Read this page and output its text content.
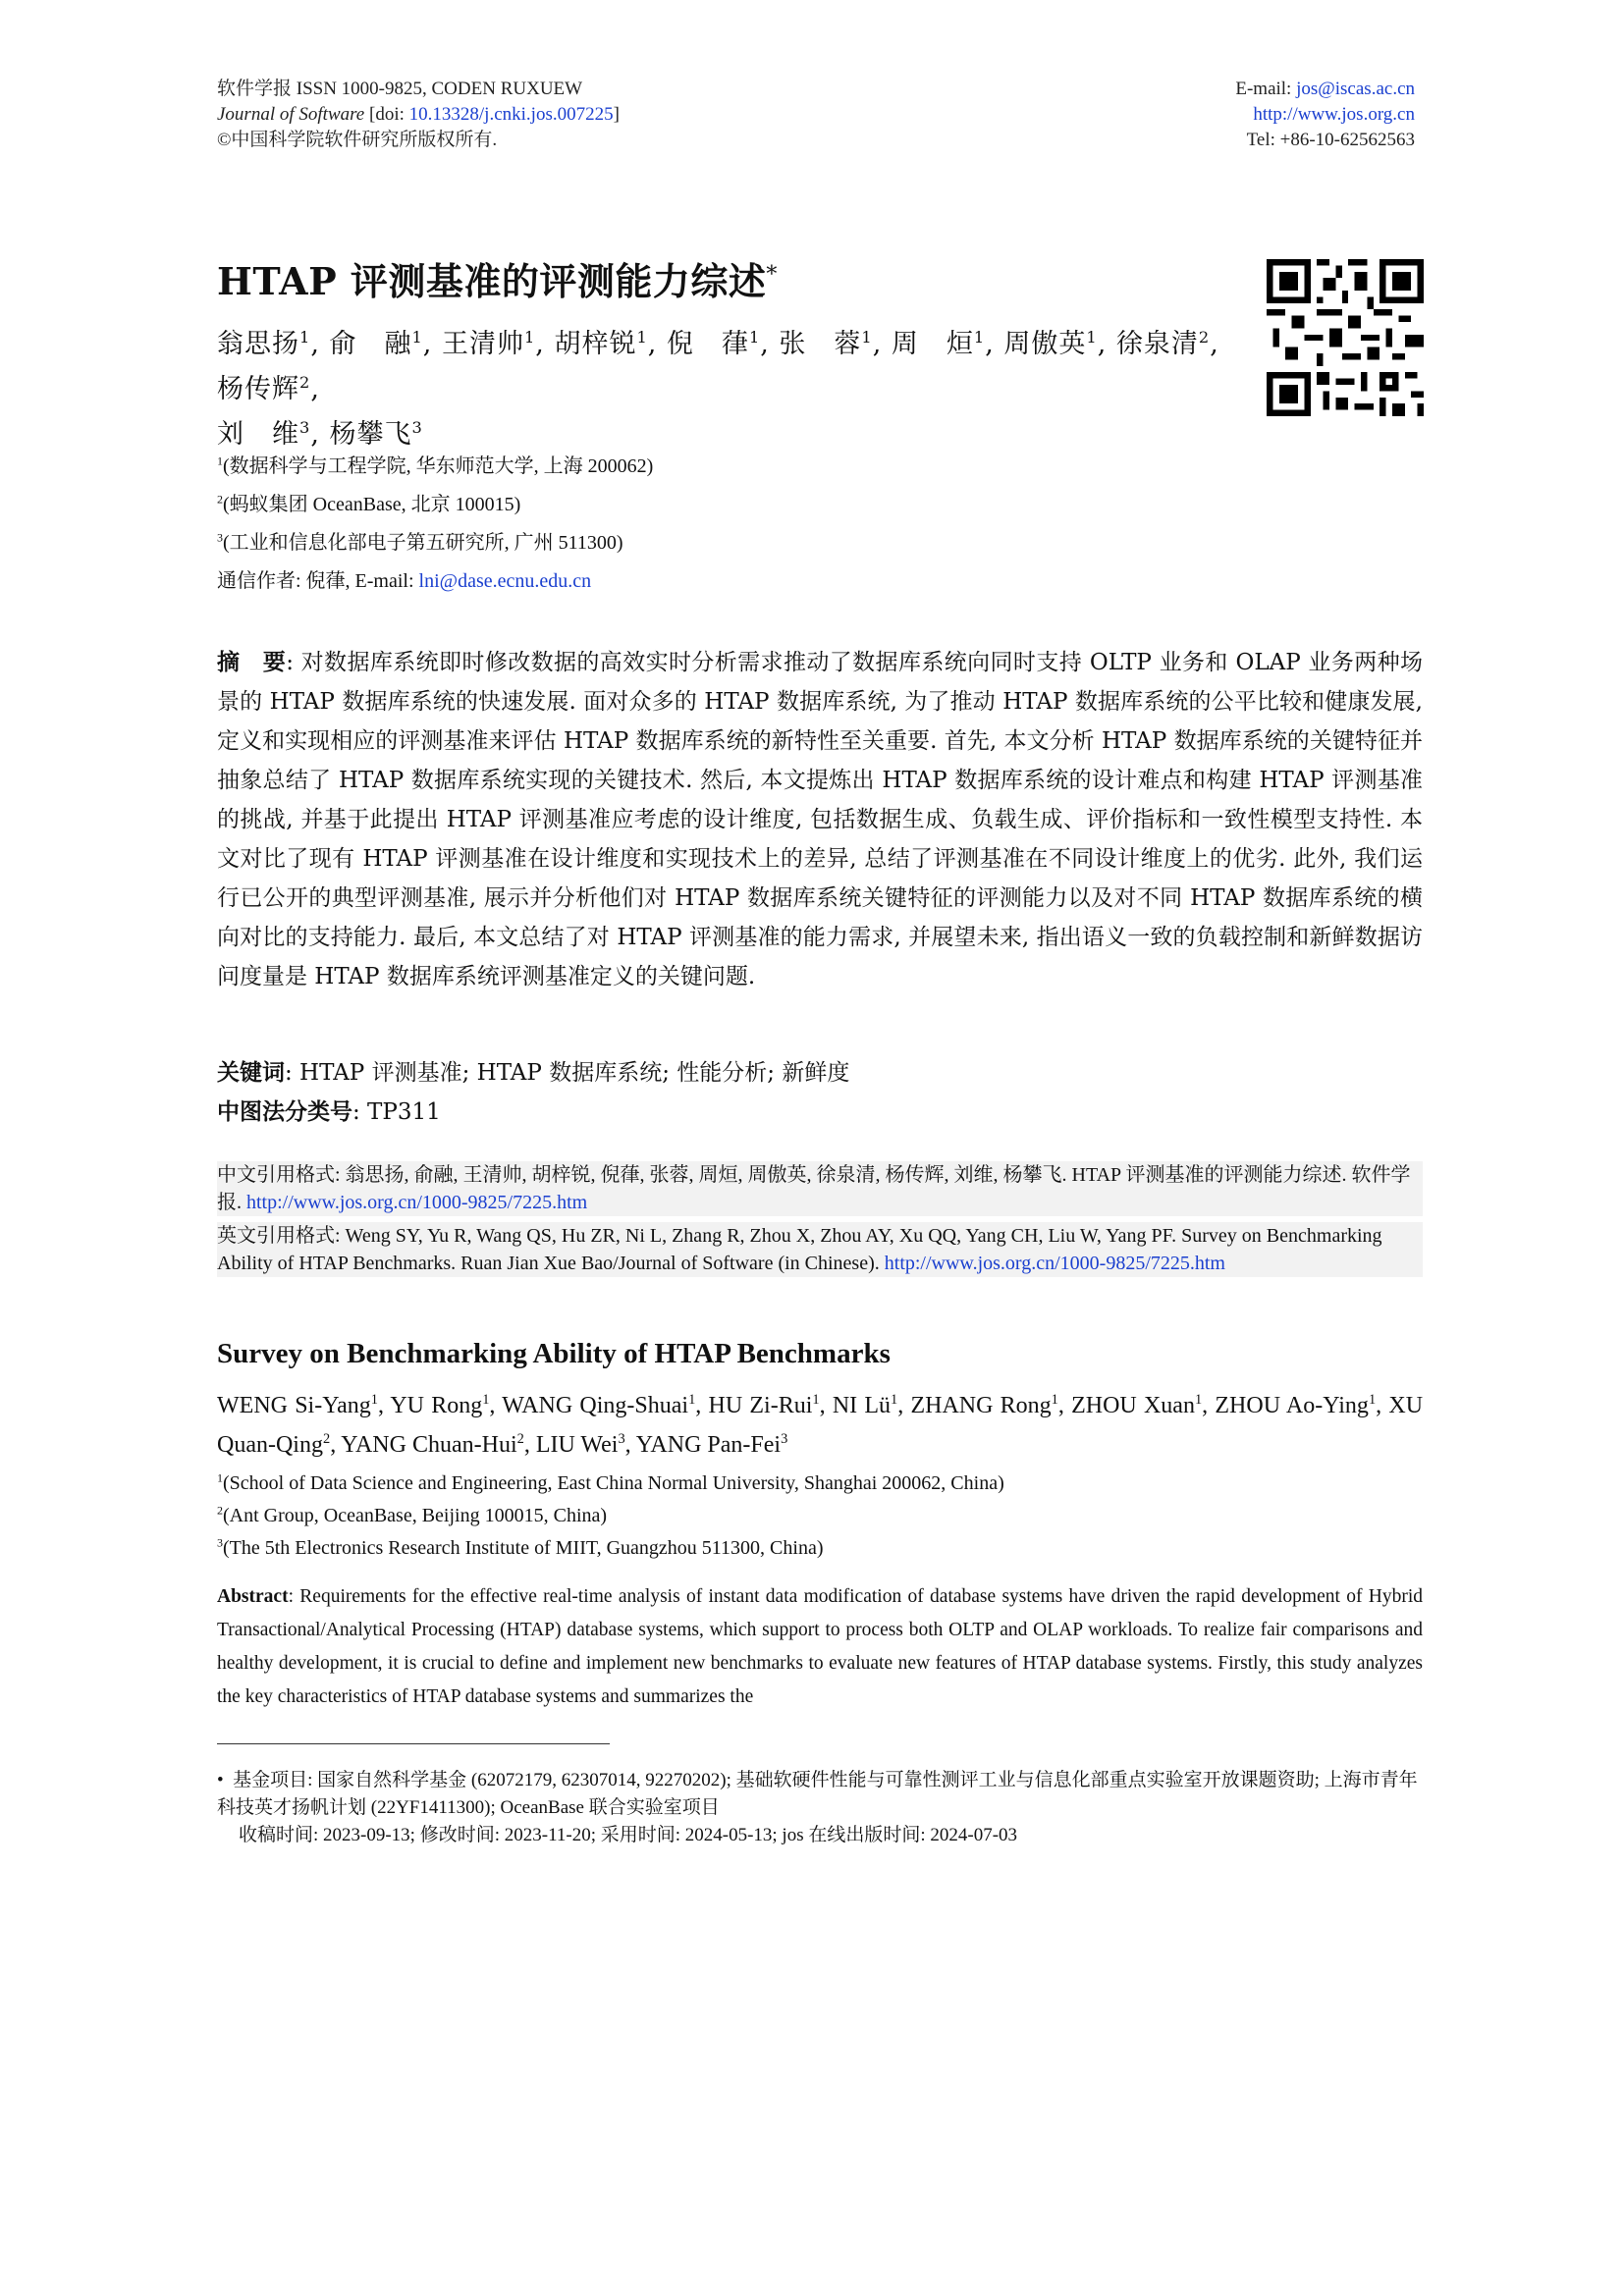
软件学报 ISSN 1000-9825, CODEN RUXUEW
Journal of Software [doi: 10.13328/j.cnki.jos.007225]
©中国科学院软件研究所版权所有.
E-mail: jos@iscas.ac.cn
http://www.jos.org.cn
Tel: +86-10-62562563
HTAP 评测基准的评测能力综述*
翁思扬$^1$, 俞　融$^1$, 王清帅$^1$, 胡梓锐$^1$, 倪　葎$^1$, 张　蓉$^1$, 周　烜$^1$, 周傲英$^1$, 徐泉清$^2$, 杨传辉$^2$,
刘　维$^3$, 杨攀飞$^3$
$^1$(数据科学与工程学院, 华东师范大学, 上海 200062)
$^2$(蚂蚁集团 OceanBase, 北京 100015)
$^3$(工业和信息化部电子第五研究所, 广州 511300)
通信作者: 倪葎, E-mail: lni@dase.ecnu.edu.cn
摘　要: 对数据库系统即时修改数据的高效实时分析需求推动了数据库系统向同时支持 OLTP 业务和 OLAP 业务两种场景的 HTAP 数据库系统的快速发展. 面对众多的 HTAP 数据库系统, 为了推动 HTAP 数据库系统的公平比较和健康发展, 定义和实现相应的评测基准来评估 HTAP 数据库系统的新特性至关重要. 首先, 本文分析 HTAP 数据库系统的关键特征并抽象总结了 HTAP 数据库系统实现的关键技术. 然后, 本文提炼出 HTAP 数据库系统的设计难点和构建 HTAP 评测基准的挑战, 并基于此提出 HTAP 评测基准应考虑的设计维度, 包括数据生成、负载生成、评价指标和一致性模型支持性. 本文对比了现有 HTAP 评测基准在设计维度和实现技术上的差异, 总结了评测基准在不同设计维度上的优劣. 此外, 我们运行已公开的典型评测基准, 展示并分析他们对 HTAP 数据库系统关键特征的评测能力以及对不同 HTAP 数据库系统的横向对比的支持能力. 最后, 本文总结了对 HTAP 评测基准的能力需求, 并展望未来, 指出语义一致的负载控制和新鲜数据访问度量是 HTAP 数据库系统评测基准定义的关键问题.
关键词: HTAP 评测基准; HTAP 数据库系统; 性能分析; 新鲜度
中图法分类号: TP311
中文引用格式: 翁思扬, 俞融, 王清帅, 胡梓锐, 倪葎, 张蓉, 周烜, 周傲英, 徐泉清, 杨传辉, 刘维, 杨攀飞. HTAP 评测基准的评测能力综述. 软件学报. http://www.jos.org.cn/1000-9825/7225.htm
英文引用格式: Weng SY, Yu R, Wang QS, Hu ZR, Ni L, Zhang R, Zhou X, Zhou AY, Xu QQ, Yang CH, Liu W, Yang PF. Survey on Benchmarking Ability of HTAP Benchmarks. Ruan Jian Xue Bao/Journal of Software (in Chinese). http://www.jos.org.cn/1000-9825/7225.htm
Survey on Benchmarking Ability of HTAP Benchmarks
WENG Si-Yang$^1$, YU Rong$^1$, WANG Qing-Shuai$^1$, HU Zi-Rui$^1$, NI $Lü^1$, ZHANG Rong$^1$, ZHOU Xuan$^1$, ZHOU Ao-Ying$^1$, XU Quan-Qing$^2$, YANG Chuan-Hui$^2$, LIU Wei$^3$, YANG Pan-Fei$^3$
$^1$(School of Data Science and Engineering, East China Normal University, Shanghai 200062, China)
$^2$(Ant Group, OceanBase, Beijing 100015, China)
$^3$(The 5th Electronics Research Institute of MIIT, Guangzhou 511300, China)
Abstract: Requirements for the effective real-time analysis of instant data modification of database systems have driven the rapid development of Hybrid Transactional/Analytical Processing (HTAP) database systems, which support to process both OLTP and OLAP workloads. To realize fair comparisons and healthy development, it is crucial to define and implement new benchmarks to evaluate new features of HTAP database systems. Firstly, this study analyzes the key characteristics of HTAP database systems and summarizes the
• 基金项目: 国家自然科学基金 (62072179, 62307014, 92270202); 基础软硬件性能与可靠性测评工业与信息化部重点实验室开放课题资助; 上海市青年科技英才扬帆计划 (22YF1411300); OceanBase 联合实验室项目
收稿时间: 2023-09-13; 修改时间: 2023-11-20; 采用时间: 2024-05-13; jos 在线出版时间: 2024-07-03
